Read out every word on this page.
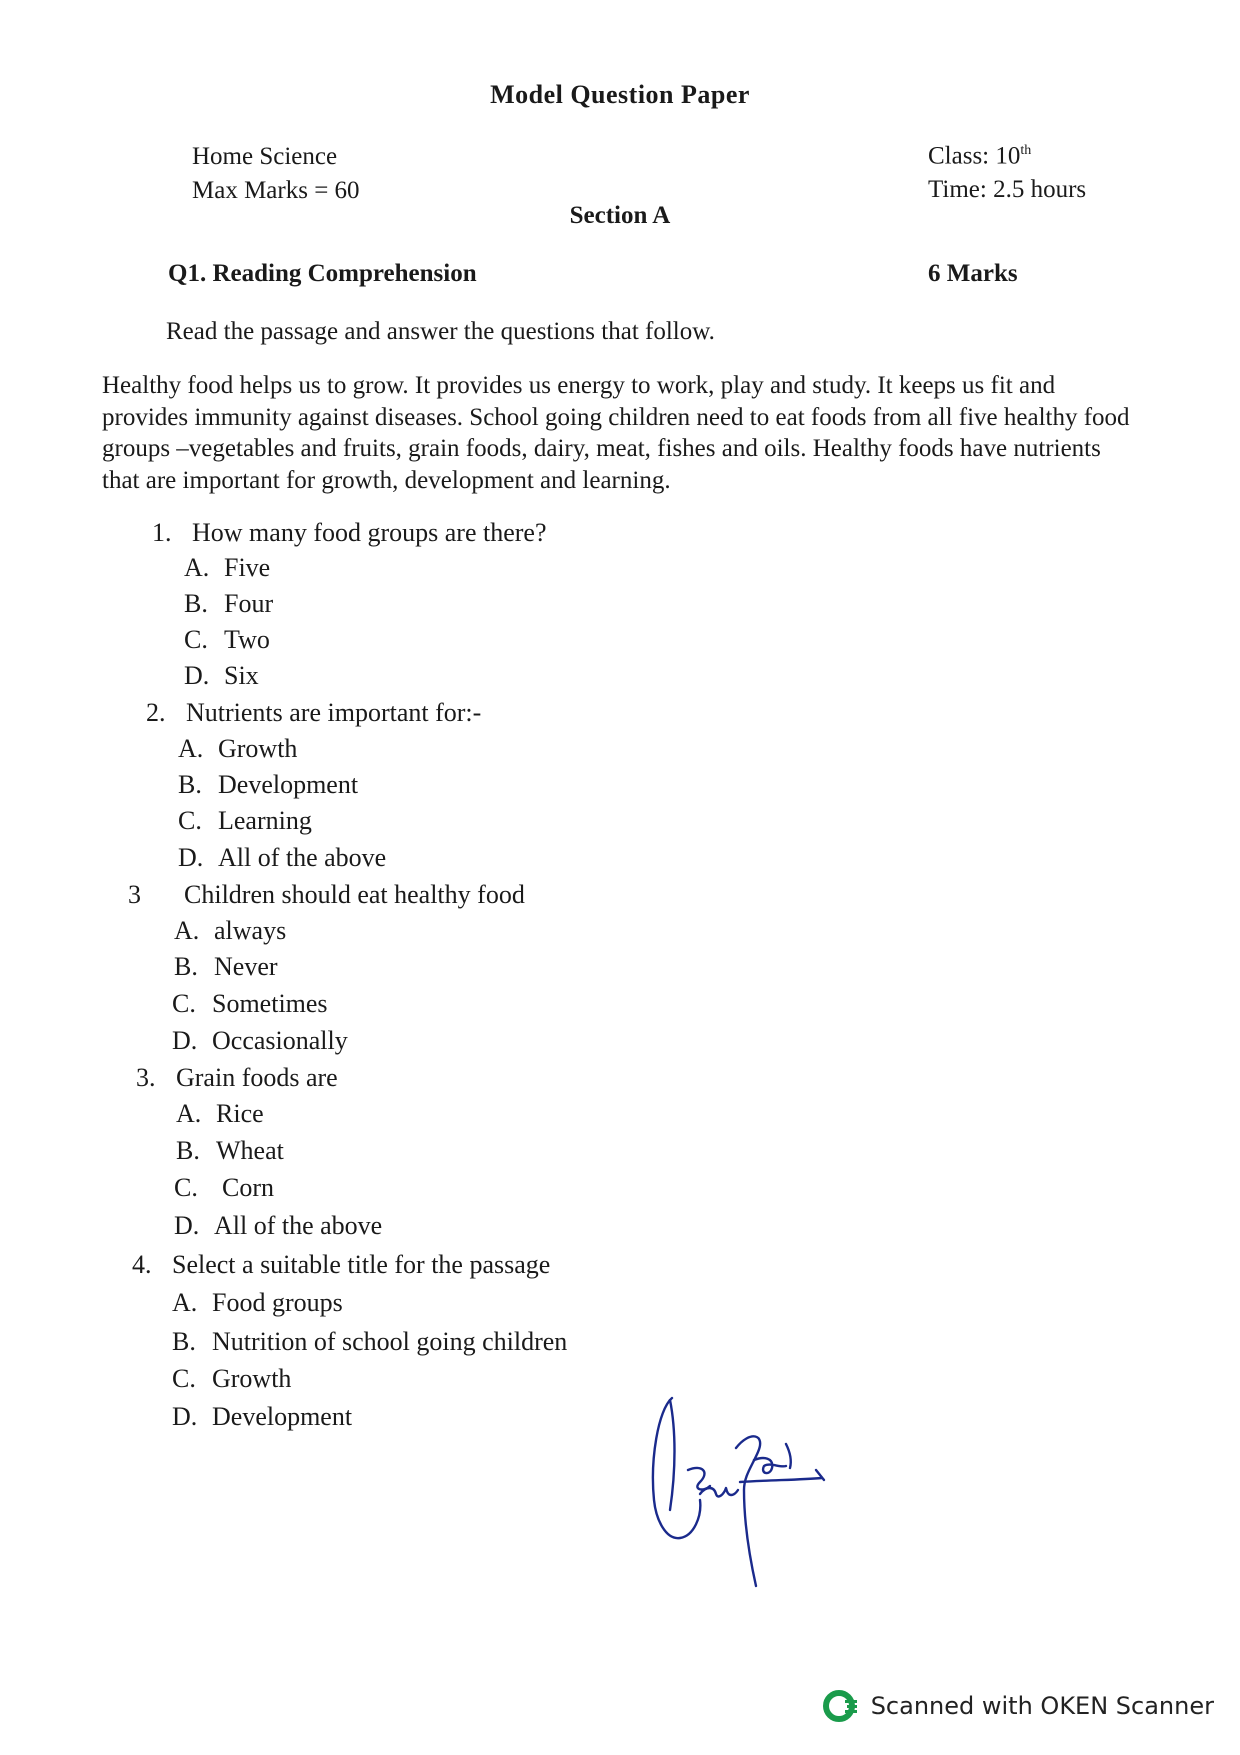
Model Question Paper
Home Science
Max Marks = 60
Class: 10th
Time: 2.5 hours
Section A
Q1. Reading Comprehension	6 Marks
Read the passage and answer the questions that follow.
Healthy food helps us to grow. It provides us energy to work, play and study. It keeps us fit and provides immunity against diseases. School going children need to eat foods from all five healthy food groups –vegetables and fruits, grain foods, dairy, meat, fishes and oils. Healthy foods have nutrients that are important for growth, development and learning.
1. How many food groups are there?
A. Five
B. Four
C. Two
D. Six
2. Nutrients are important for:-
A. Growth
B. Development
C. Learning
D. All of the above
3 Children should eat healthy food
A. always
B. Never
C. Sometimes
D. Occasionally
3. Grain foods are
A. Rice
B. Wheat
C. Corn
D. All of the above
4. Select a suitable title for the passage
A. Food groups
B. Nutrition of school going children
C. Growth
D. Development
Scanned with OKEN Scanner
